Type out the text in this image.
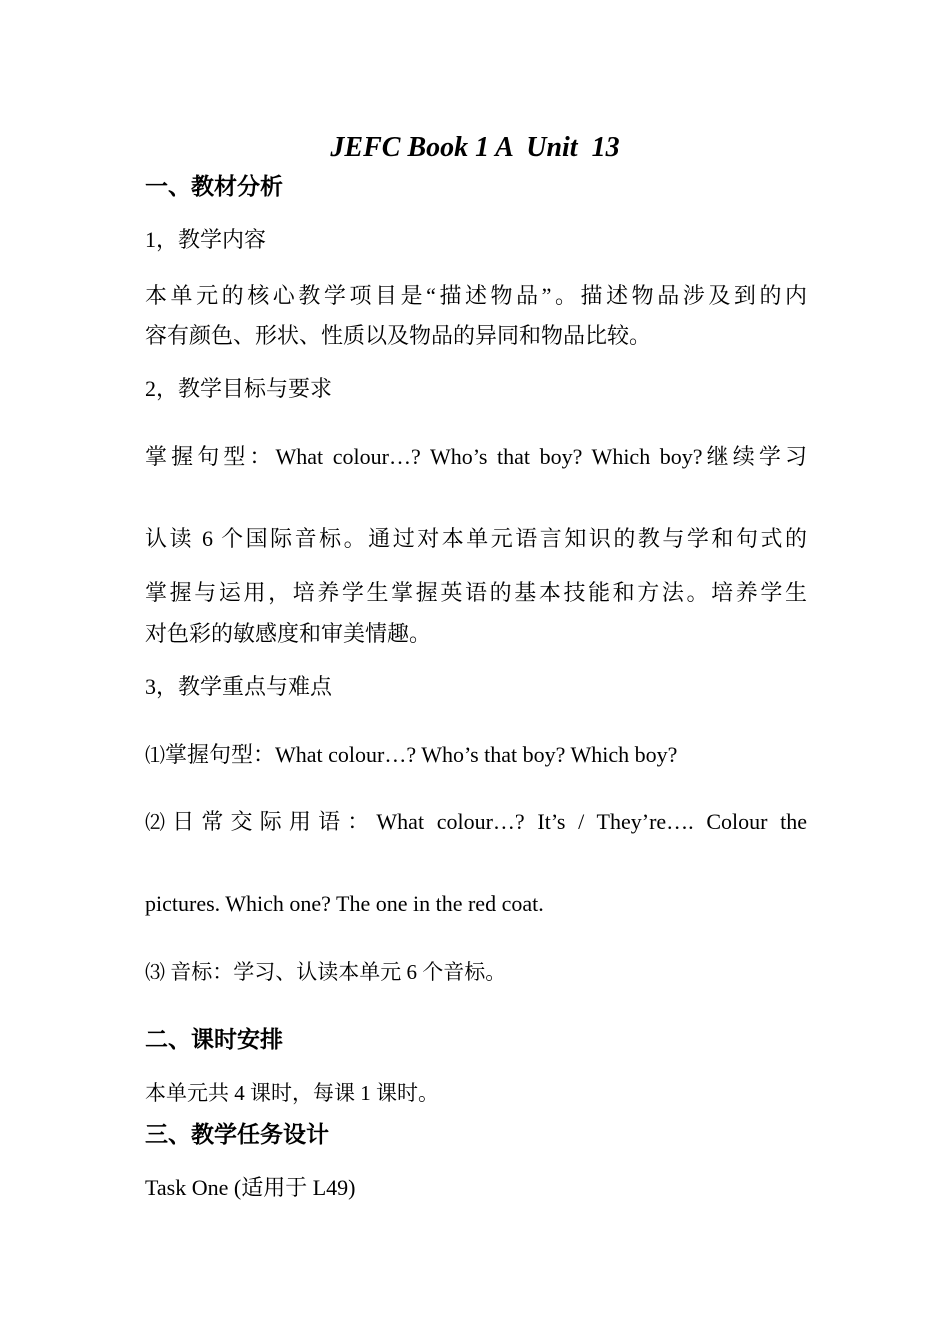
JEFC Book 1 A  Unit  13
一、教材分析
1，教学内容
本单元的核心教学项目是“描述物品”。描述物品涉及到的内
容有颜色、形状、性质以及物品的异同和物品比较。
2，教学目标与要求
掌握句型：What colour…? Who’s that boy? Which boy?继续学习
认读 6 个国际音标。通过对本单元语言知识的教与学和句式的
掌握与运用，培养学生掌握英语的基本技能和方法。培养学生
对色彩的敏感度和审美情趣。
3，教学重点与难点
⑴掌握句型：What colour…? Who’s that boy? Which boy?
⑵日常交际用语：What colour…? It’s / They’re…. Colour the
pictures. Which one? The one in the red coat.
⑶ 音标：学习、认读本单元 6 个音标。
二、课时安排
本单元共 4 课时，每课 1 课时。
三、教学任务设计
Task One (适用于 L49)
